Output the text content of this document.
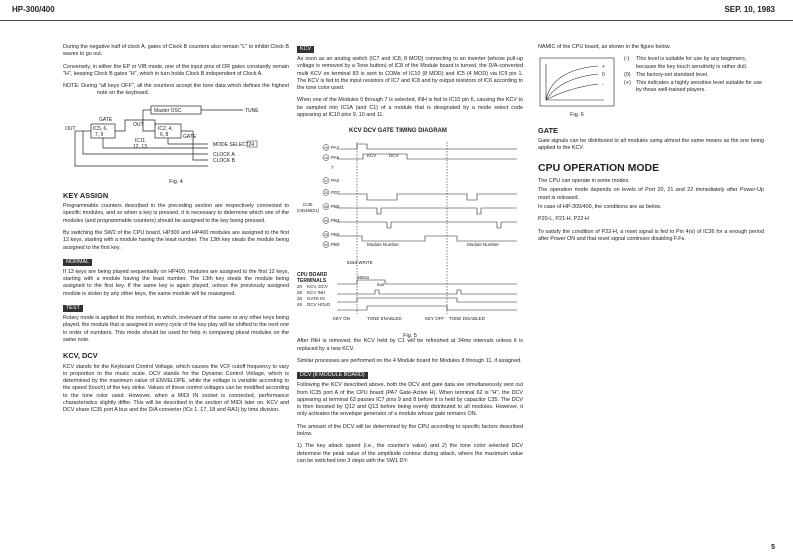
HP-300/400	SEP. 10, 1983

During the negative half of clock A, gates of Clock B counters also remain "L" to inhibit Clock B waves to go out.

Conversely, in either the EP or VIB mode, one of the input pins of OR gates constantly remain "H", keeping Clock B gates "H", which in turn holds Clock B independent of Clock A.

NOTE: During "all keys OFF", all the counters accept the tone data which defines the highest note on the keyboard.

Master OSC	TUNE
GATE
OUT	IC5, 6,
7, 9
OUT
IC2, 4,
6, 8	GATE
IC11
12, 13	MODE SELECT 24
CLOCK A
CLOCK B
Fig. 4
KEY ASSIGN

Programmable counters described in the preceding section are respectively connected to specific modules, and so when a key is pressed, it is necessary to determine which one of the modules (and programmable counters) should be assigned to the key being pressed.

By switching the SW2 of the CPU board, HP300 and HP400 modules are assigned to the first 12 keys, starting with a module having the least number. The 13th key steals the module being assigned to the first key.

NORMAL

If 13 keys are being played sequentially on HP400, modules are assigned to the first 12 keys, starting with a module having the least number. The 13th key steals the module being assigned to the first key. If the same key is again played, unless the previously assigned module is stolen by any other keys, the same module will be reassigned.

TEST

Rotary mode is applied to this method, in which, irrelevant of the same or any other keys being played, the module that is assigned in every cycle of the key play will be shifted to the next one in order of numbers. This mode should be used for help in comparing plural modules on the same note.

KCV, DCV

KCV stands for the Keyboard Control Voltage, which causes the VCF cutoff frequency to vary in proportion to the music scale. DCV stands for the Dynamic Control Voltage, which is determined by the maximum value of ENVELOPE, while the voltage is variable according to the speed (touch) of the key strike. Values of these control voltages can be modified according to the tone color used. However, when a MIDI IN socket is connected, performance characteristics slightly differ. This will be described in the section of MIDI later on. KCV and DCV share IC35 port A bus and the D/A converter (ICs 1, 17, 18 and RA1) by time division.

KCV

As soon as an analog switch (IC7 and IC8, 8 MOD) connecting to an inverter (whose pull-up voltage is removed by a Tone button) of IC8 of the Module board is turned, the D/A-converted multi KCV on terminal 83 is sent to COMs of IC10 (8 MOD) and IC5 (4 MOD) via IC9 pin 1. The KCV is fed to the input resistors of IC7 and IC8 and by output resistors of IC6 according to the tone color used.

When one of the Modules 0 through 7 is selected, INH is fed to IC10 pin 6, causing the KCV to be sampled into IC1A (and C1) of a module that is designated by a mode select code appearing at IC10 pins 9, 10 and 11.

KCV DCV GATE TIMING DIAGRAM
15 PA7
16 PA6
7
22 PA0
33 PD7
38 PB6
26 PB4
28 PB2
30 PB0
IC35
(HD46821)
KCV	DCV
Module Number	Module Number
8253 WRITE
CPU BOARD
TERMINALS
KCV, DCV
KCV INH
GATE IN
DCV HOLD
20
28
26
45
260us
5us
KEY ON	TONE ENABLED	KEY OFF TONE DISABLED
Fig. 5

After INH is removed, the KCV held by C1 will be refreshed at 34ms intervals unless it is replaced by a new KCV.

Similar processes are performed on the 4 Module board for Modules 8 through 11, if assigned.

DCV (8 MODULE BOARD)

Following the KCV described above, both the DCV and gate data are simultaneously sent out from IC35 port A of the CPU board (PA7 Gate-Active H). When terminal 62 is "H", the DCV appearing at terminal 63 passes IC7 pins 9 and 8 before it is held by capacitor C35. The DCV is then boosted by Q12 and Q13 before being evenly distributed to all modules. However, it only activates the envelope generator of a module whose gate remains ON.

The amount of the DCV will be determined by the CPU according to specific factors described below.

1) The key attack speed (i.e., the counter's value) and 2) the tone color selected DCV determine the peak value of the amplitude contour during attack, where the maximum value can be switched into 3 steps with the SW1 DY-

NAMIC of the CPU board, as shown in the figure below.

+
0
-
Fig. 6
(-)	This level is suitable for use by any beginners, because the key touch sensitivity is rather dull.
(0)	The factory-set standard level.
(+) This indicates a highly sensitive level suitable for use by those well-trained players.
GATE

Gate signals can be distributed to all modules using almost the same means as the one being applied to the KCV.

CPU OPERATION MODE

The CPU can operate in some modes.

The operation mode depends on levels of Port 20, 21 and 22 immediately after Power-Up reset is released.

In case of HP-300/400, the conditions are as below.

P20-L, P21-H, P22-H

To satisfy the condition of P22-H, a reset signal is fed to Pin 4(s) of IC36 for a enough period after Power ON and that reset signal continues disabling F.Fs.

5
